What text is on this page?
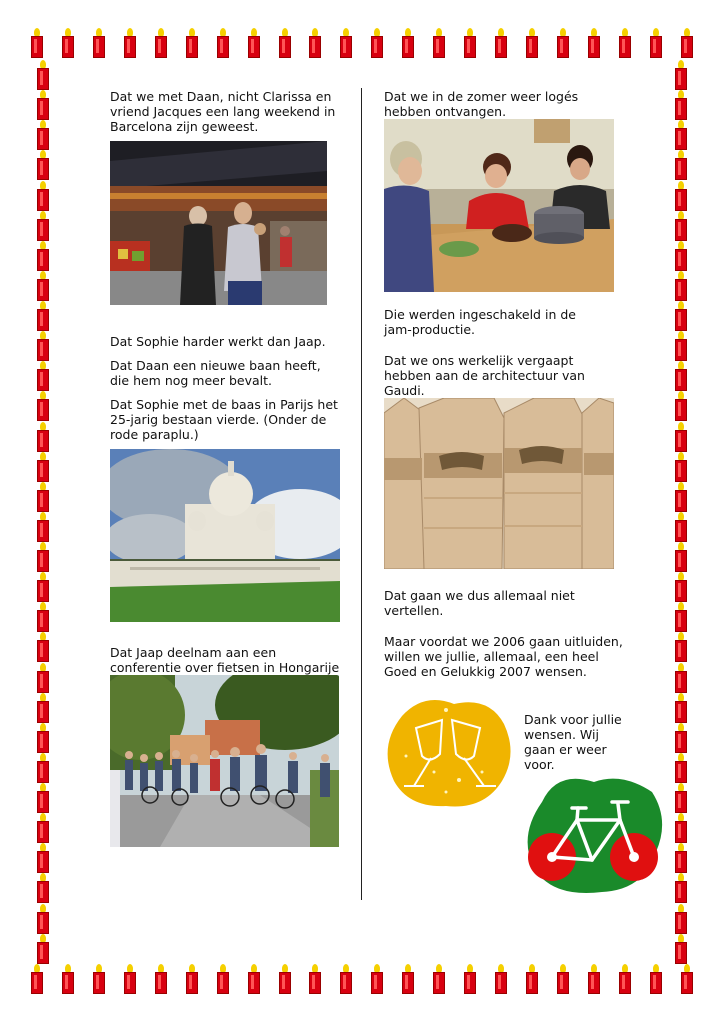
Dat we met Daan, nicht Clarissa en vriend Jacques een lang weekend in Barcelona zijn geweest.

Dat Sophie harder werkt dan Jaap.

Dat Daan een nieuwe baan heeft, die hem nog meer bevalt.

Dat Sophie met de baas in Parijs het 25-jarig bestaan vierde. (Onder de rode paraplu.)

Dat Jaap deelnam aan een conferentie over fietsen in Hongarije

Dat we in de zomer weer logés hebben ontvangen.

Die werden ingeschakeld in de jam-productie.

Dat we ons werkelijk vergaapt hebben aan de architectuur van Gaudi.

Dat gaan we dus allemaal niet vertellen.

Maar voordat we 2006 gaan uitluiden, willen we jullie, allemaal, een heel Goed en Gelukkig 2007 wensen.

Dank voor jullie wensen. Wij gaan er weer voor.
